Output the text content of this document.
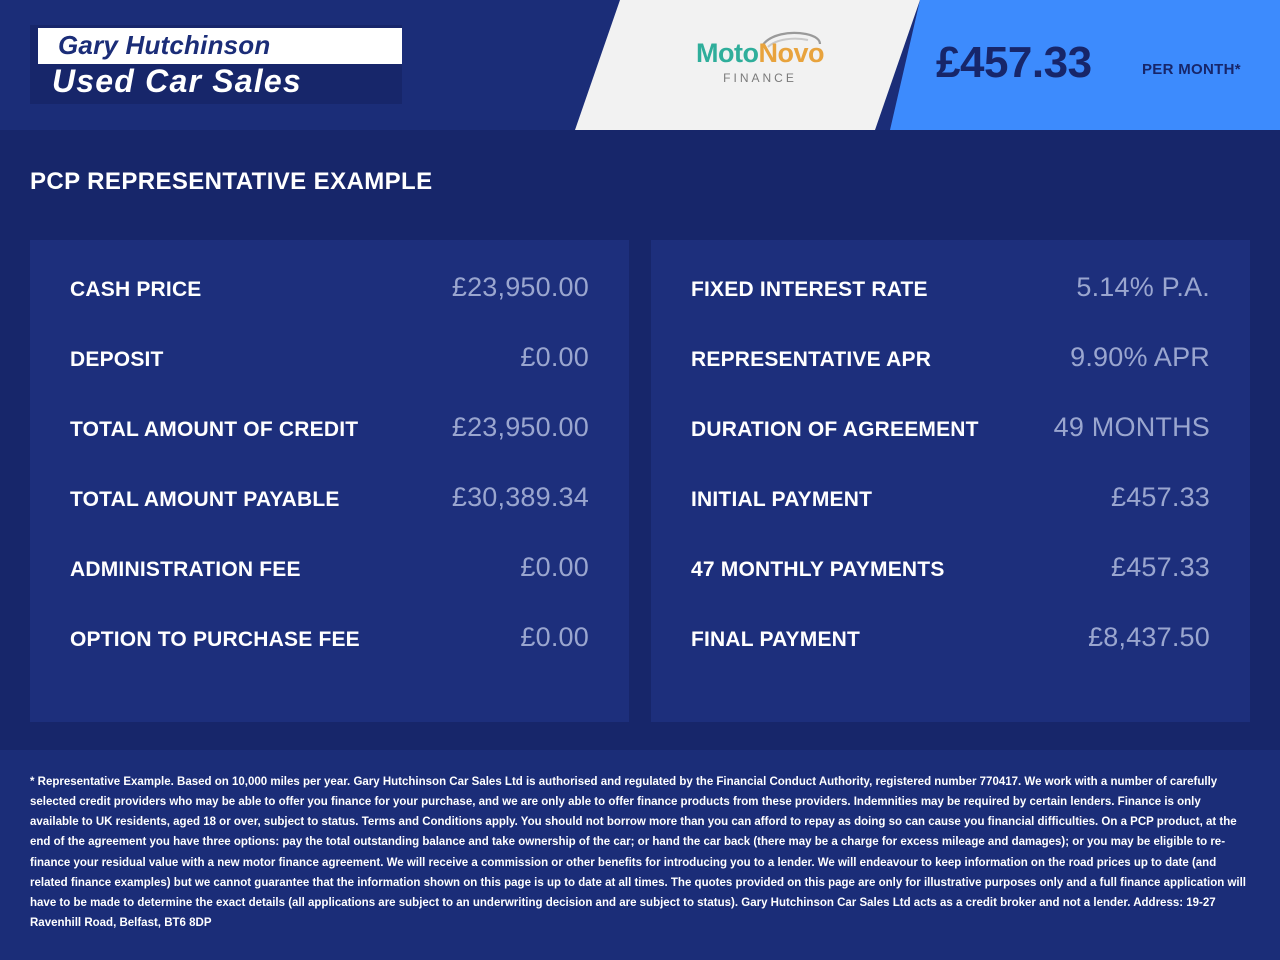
Gary Hutchinson
Used Car Sales
MotoNovo
FINANCE	£457.33	PER MONTH*
PCP REPRESENTATIVE EXAMPLE
CASH PRICE	£23,950.00
DEPOSIT	£0.00
TOTAL AMOUNT OF CREDIT	£23,950.00
TOTAL AMOUNT PAYABLE	£30,389.34
ADMINISTRATION FEE	£0.00
OPTION TO PURCHASE FEE	£0.00
FIXED INTEREST RATE	5.14% P.A.
REPRESENTATIVE APR	9.90% APR
DURATION OF AGREEMENT	49 MONTHS
INITIAL PAYMENT	£457.33
47 MONTHLY PAYMENTS	£457.33
FINAL PAYMENT	£8,437.50

* Representative Example. Based on 10,000 miles per year. Gary Hutchinson Car Sales Ltd is authorised and regulated by the Financial Conduct Authority, registered number 770417. We work with a number of carefully selected credit providers who may be able to offer you finance for your purchase, and we are only able to offer finance products from these providers. Indemnities may be required by certain lenders. Finance is only available to UK residents, aged 18 or over, subject to status. Terms and Conditions apply. You should not borrow more than you can afford to repay as doing so can cause you financial difficulties. On a PCP product, at the end of the agreement you have three options: pay the total outstanding balance and take ownership of the car; or hand the car back (there may be a charge for excess mileage and damages); or you may be eligible to re-finance your residual value with a new motor finance agreement. We will receive a commission or other benefits for introducing you to a lender. We will endeavour to keep information on the road prices up to date (and related finance examples) but we cannot guarantee that the information shown on this page is up to date at all times. The quotes provided on this page are only for illustrative purposes only and a full finance application will have to be made to determine the exact details (all applications are subject to an underwriting decision and are subject to status). Gary Hutchinson Car Sales Ltd acts as a credit broker and not a lender. Address: 19-27 Ravenhill Road, Belfast, BT6 8DP
